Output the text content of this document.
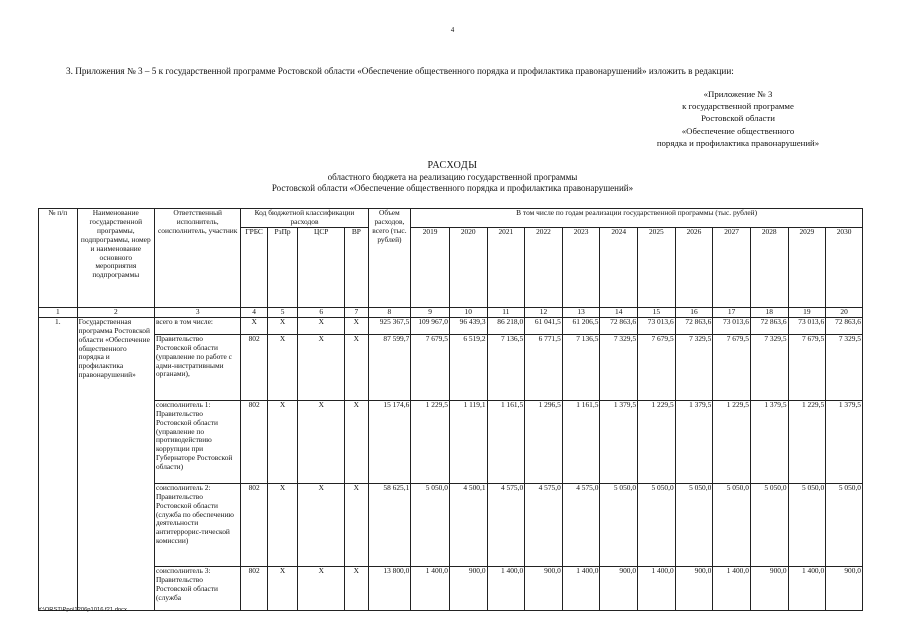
4
3. Приложения № 3 – 5 к государственной программе Ростовской области «Обеспечение общественного порядка и профилактика правонарушений» изложить в редакции:
«Приложение № 3
к государственной программе
Ростовской области
«Обеспечение общественного
порядка и профилактика правонарушений»
РАСХОДЫ
областного бюджета на реализацию государственной программы
Ростовской области «Обеспечение общественного порядка и профилактика правонарушений»
№ п/п	Наименование государственной программы, подпрограммы, номер и наименование основного мероприятия подпрограммы	Ответственный исполнитель, соисполнитель, участник	Код бюджетной классификации расходов				Объем расходов, всего (тыс. рублей)	В том числе по годам реализации государственной программы (тыс. рублей)											
			ГРБС	РзПр	ЦСР	ВР		2019	2020	2021	2022	2023	2024	2025	2026	2027	2028	2029	2030
1	2	3	4	5	6	7	8	9	10	11	12	13	14	15	16	17	18	19	20
1.	Государственная программа Ростовской области «Обеспечение общественного порядка и профилактика правонарушений»	всего в том числе:	X	X	X	X	925 367,5	109 967,0	96 439,3	86 218,0	61 041,5	61 206,5	72 863,6	73 013,6	72 863,6	73 013,6	72 863,6	73 013,6	72 863,6
		Правительство Ростовской области (управление по работе с адми-нистративными органами),	802	X	X	X	87 599,7	7 679,5	6 519,2	7 136,5	6 771,5	7 136,5	7 329,5	7 679,5	7 329,5	7 679,5	7 329,5	7 679,5	7 329,5
		соисполнитель 1: Правительство Ростовской области (управление по противодействию коррупции при Губернаторе Ростовской области)	802	X	X	X	15 174,6	1 229,5	1 119,1	1 161,5	1 296,5	1 161,5	1 379,5	1 229,5	1 379,5	1 229,5	1 379,5	1 229,5	1 379,5
		соисполнитель 2: Правительство Ростовской области (служба по обеспечению деятельности антитеррорис-тической комиссии)	802	X	X	X	58 625,1	5 050,0	4 500,1	4 575,0	4 575,0	4 575,0	5 050,0	5 050,0	5 050,0	5 050,0	5 050,0	5 050,0	5 050,0
		соисполнитель 3: Правительство Ростовской области (служба	802	X	X	X	13 800,0	1 400,0	900,0	1 400,0	900,0	1 400,0	900,0	1 400,0	900,0	1 400,0	900,0	1 400,0	900,0
Y:\ORST\Ppo\1206p1016.f21.docx
